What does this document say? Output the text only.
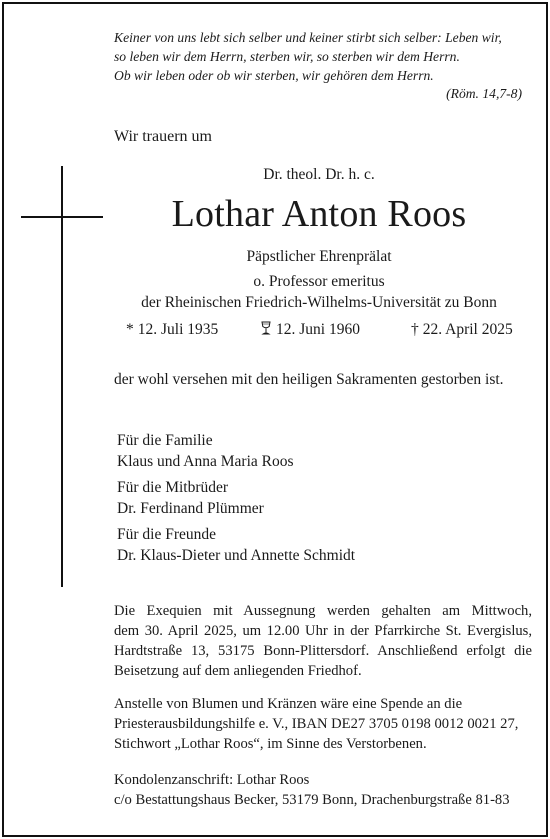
Keiner von uns lebt sich selber und keiner stirbt sich selber: Leben wir,
so leben wir dem Herrn, sterben wir, so sterben wir dem Herrn.
Ob wir leben oder ob wir sterben, wir gehören dem Herrn.

(Röm. 14,7-8)

Wir trauern um

Dr. theol. Dr. h. c.

Lothar Anton Roos

Päpstlicher Ehrenprälat

o. Professor emeritus

der Rheinischen Friedrich-Wilhelms-Universität zu Bonn

* 12. Juli 1935	12. Juni 1960	† 22. April 2025

der wohl versehen mit den heiligen Sakramenten gestorben ist.

Für die Familie

Klaus und Anna Maria Roos

Für die Mitbrüder

Dr. Ferdinand Plümmer

Für die Freunde

Dr. Klaus-Dieter und Annette Schmidt

Die Exequien mit Aussegnung werden gehalten am Mittwoch,
dem 30. April 2025, um 12.00 Uhr in der Pfarrkirche St. Evergislus,
Hardtstraße 13, 53175 Bonn-Plittersdorf. Anschließend erfolgt die
Beisetzung auf dem anliegenden Friedhof.
Anstelle von Blumen und Kränzen wäre eine Spende an die
Priesterausbildungshilfe e. V., IBAN DE27 3705 0198 0012 0021 27,
Stichwort „Lothar Roos“, im Sinne des Verstorbenen.
Kondolenzanschrift: Lothar Roos
c/o Bestattungshaus Becker, 53179 Bonn, Drachenburgstraße 81-83
